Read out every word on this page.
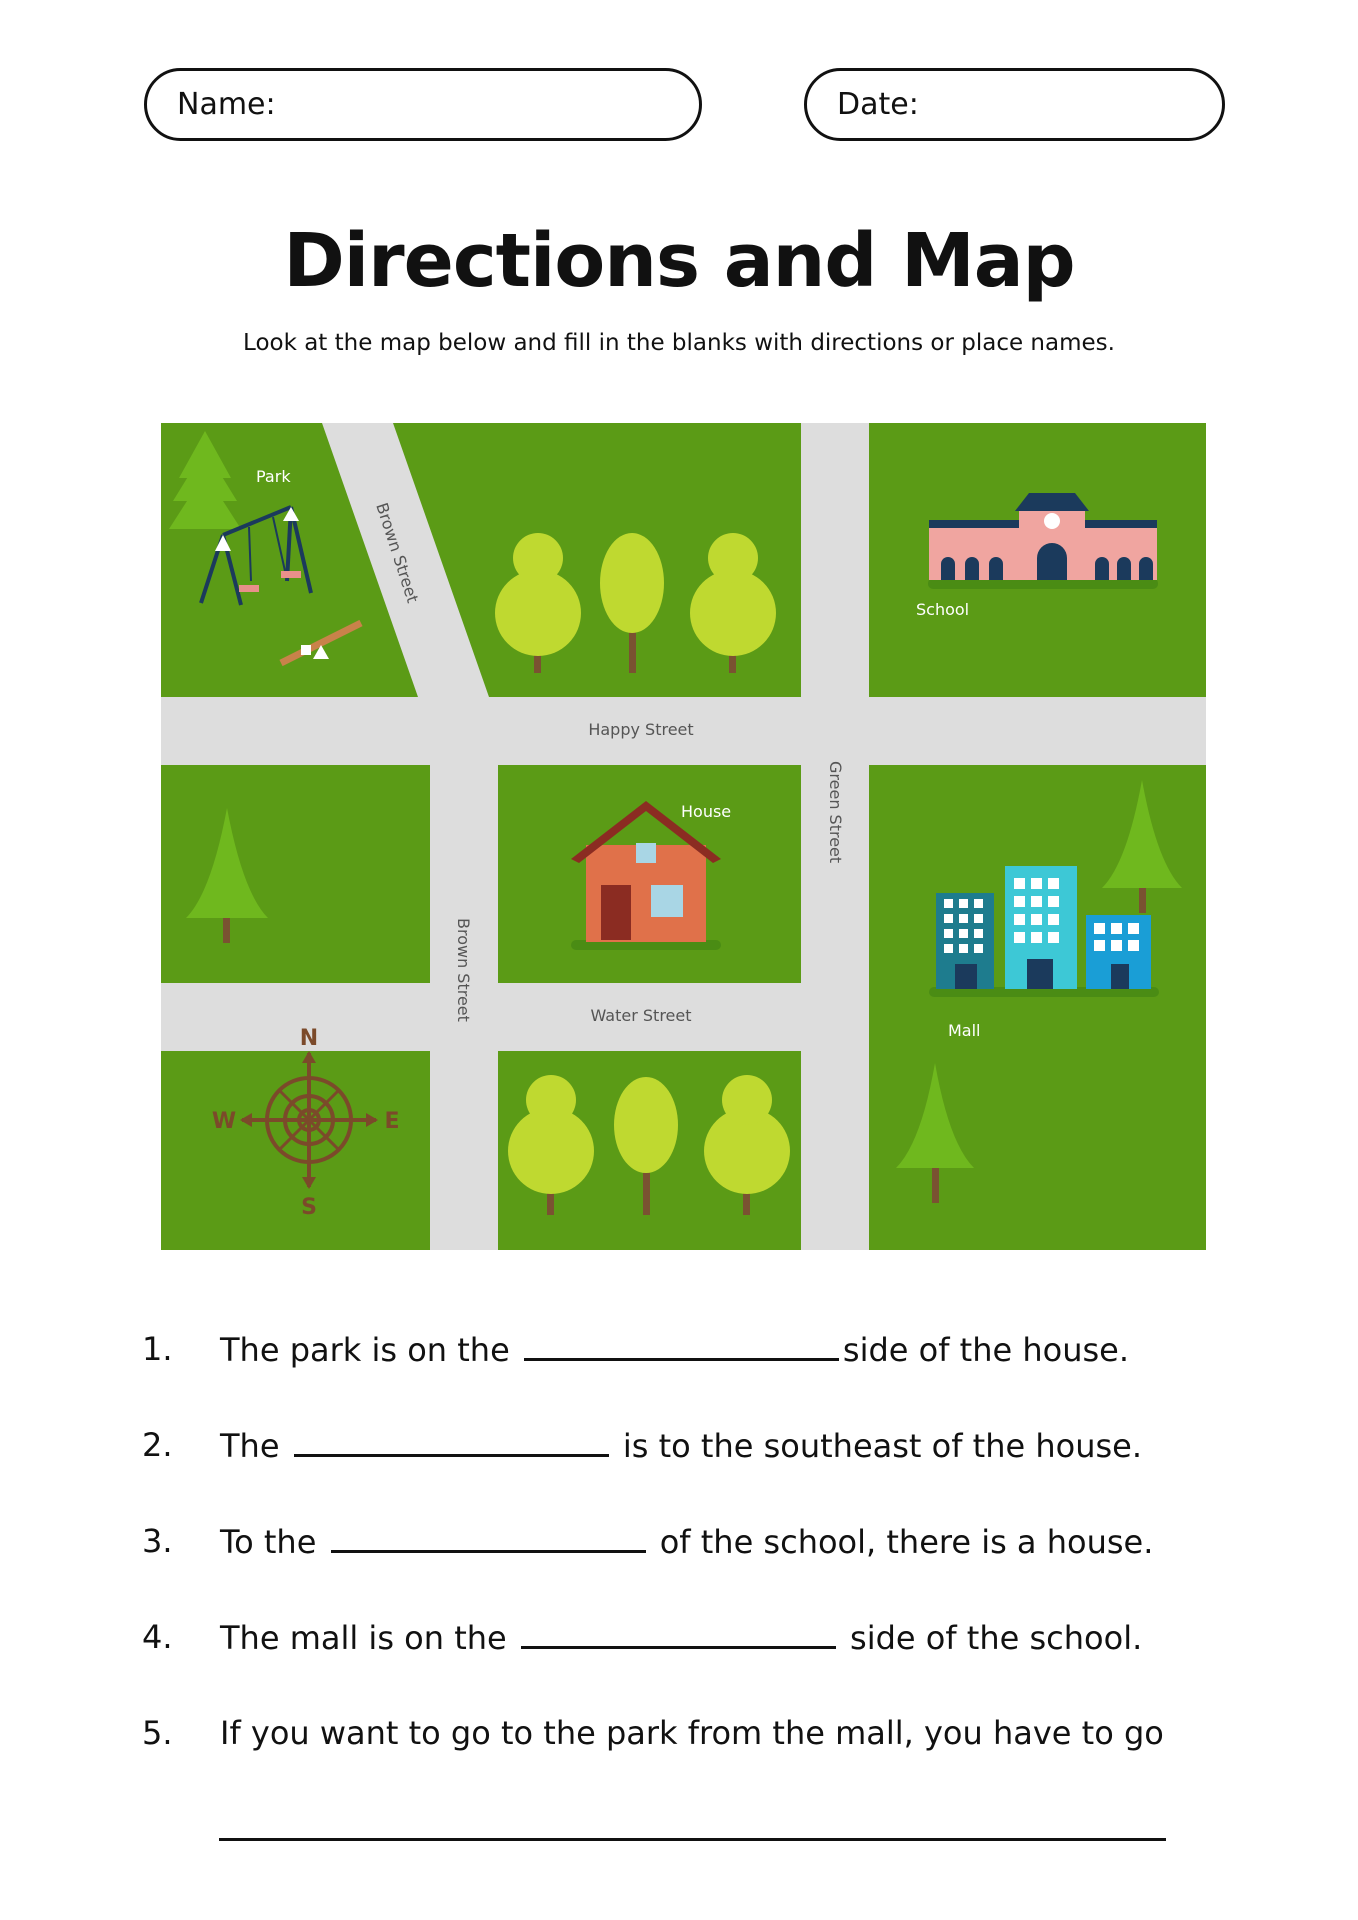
Name:	Date:
Directions and Map
Look at the map below and fill in the blanks with directions or place names.
Happy Street
Water Street
Brown Street
Brown Street
Green Street
Park
School
House
Mall
N
S
W	E

1.

The park is on the	side of the house.

2.

The	is to the southeast of the house.

3.

To the	of the school, there is a house.

4.

The mall is on the	side of the school.

5.

If you want to go to the park from the mall, you have to go
